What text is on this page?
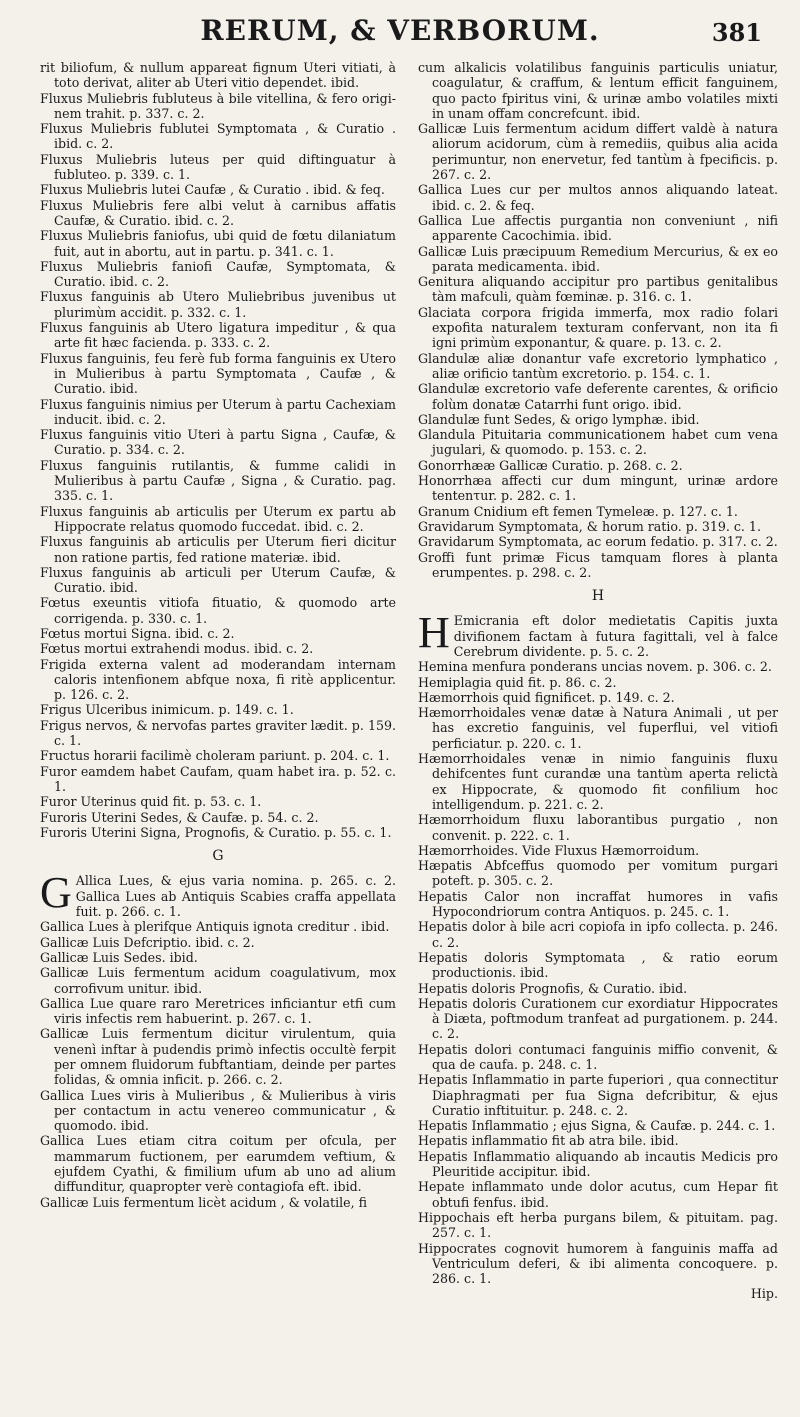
RERUM, & VERBORUM.	381

rit biliofum, & nullum appareat fignum Uteri vitiati, à toto derivat, aliter ab Uteri vitio dependet. ibid.

Fluxus Muliebris fubluteus à bile vitellina, & fero origi-nem trahit. p. 337. c. 2.

Fluxus Muliebris fublutei Symptomata , & Curatio . ibid. c. 2.

Fluxus Muliebris luteus per quid diftinguatur à fubluteo. p. 339. c. 1.

Fluxus Muliebris lutei Caufæ , & Curatio . ibid. & feq.

Fluxus Muliebris fere albi velut à carnibus affatis Caufæ, & Curatio. ibid. c. 2.

Fluxus Muliebris faniofus, ubi quid de fœtu dilaniatum fuit, aut in abortu, aut in partu. p. 341. c. 1.

Fluxus Muliebris faniofi Caufæ, Symptomata, & Curatio. ibid. c. 2.

Fluxus fanguinis ab Utero Muliebribus juvenibus ut plurimùm accidit. p. 332. c. 1.

Fluxus fanguinis ab Utero ligatura impeditur , & qua arte fit hæc facienda. p. 333. c. 2.

Fluxus fanguinis, feu ferè fub forma fanguinis ex Utero in Mulieribus à partu Symptomata , Caufæ , & Curatio. ibid.

Fluxus fanguinis nimius per Uterum à partu Cachexiam inducit. ibid. c. 2.

Fluxus fanguinis vitio Uteri à partu Signa , Caufæ, & Curatio. p. 334. c. 2.

Fluxus fanguinis rutilantis, & fumme calidi in Mulieribus à partu Caufæ , Signa , & Curatio. pag. 335. c. 1.

Fluxus fanguinis ab articulis per Uterum ex partu ab Hippocrate relatus quomodo fuccedat. ibid. c. 2.

Fluxus fanguinis ab articulis per Uterum fieri dicitur non ratione partis, fed ratione materiæ. ibid.

Fluxus fanguinis ab articuli per Uterum Caufæ, & Curatio. ibid.

Fœtus exeuntis vitiofa fituatio, & quomodo arte corrigenda. p. 330. c. 1.

Fœtus mortui Signa. ibid. c. 2.

Fœtus mortui extrahendi modus. ibid. c. 2.

Frigida externa valent ad moderandam internam caloris intenfionem abfque noxa, fi ritè applicentur. p. 126. c. 2.

Frigus Ulceribus inimicum. p. 149. c. 1.

Frigus nervos, & nervofas partes graviter lædit. p. 159. c. 1.

Fructus horarii facilimè choleram pariunt. p. 204. c. 1.

Furor eamdem habet Caufam, quam habet ira. p. 52. c. 1.

Furor Uterinus quid fit. p. 53. c. 1.

Furoris Uterini Sedes, & Caufæ. p. 54. c. 2.

Furoris Uterini Signa, Prognofis, & Curatio. p. 55. c. 1.

G

G Allica Lues, & ejus varia nomina. p. 265. c. 2. Gallica Lues ab Antiquis Scabies craffa appellata fuit. p. 266. c. 1.

Gallica Lues à plerifque Antiquis ignota creditur . ibid.

Gallicæ Luis Defcriptio. ibid. c. 2.

Gallicæ Luis Sedes. ibid.

Gallicæ Luis fermentum acidum coagulativum, mox corrofivum unitur. ibid.

Gallica Lue quare raro Meretrices inficiantur etfi cum viris infectis rem habuerint. p. 267. c. 1.

Gallicæ Luis fermentum dicitur virulentum, quia venenì inftar à pudendis primò infectis occultè ferpit per omnem fluidorum fubftantiam, deinde per partes folidas, & omnia inficit. p. 266. c. 2.

Gallica Lues viris à Mulieribus , & Mulieribus à viris per contactum in actu venereo communicatur , & quomodo. ibid.

Gallica Lues etiam citra coitum per ofcula, per mammarum fuctionem, per earumdem veftium, & ejufdem Cyathi, & fimilium ufum ab uno ad alium diffunditur, quapropter verè contagiofa eft. ibid.

Gallicæ Luis fermentum licèt acidum , & volatile, fi

cum alkalicis volatilibus fanguinis particulis uniatur, coagulatur, & craffum, & lentum efficit fanguinem, quo pacto fpiritus vini, & urinæ ambo volatiles mixti in unam offam concrefcunt. ibid.

Gallicæ Luis fermentum acidum differt valdè à natura aliorum acidorum, cùm à remediis, quibus alia acida perimuntur, non enervetur, fed tantùm à fpecificis. p. 267. c. 2.

Gallica Lues cur per multos annos aliquando lateat. ibid. c. 2. & feq.

Gallica Lue affectis purgantia non conveniunt , nifi apparente Cacochimia. ibid.

Gallicæ Luis præcipuum Remedium Mercurius, & ex eo parata medicamenta. ibid.

Genitura aliquando accipitur pro partibus genitalibus tàm mafculi, quàm fœminæ. p. 316. c. 1.

Glaciata corpora frigida immerfa, mox radio folari expofita naturalem texturam confervant, non ita fi igni primùm exponantur, & quare. p. 13. c. 2.

Glandulæ aliæ donantur vafe excretorio lymphatico , aliæ orificio tantùm excretorio. p. 154. c. 1.

Glandulæ excretorio vafe deferente carentes, & orificio folùm donatæ Catarrhi funt origo. ibid.

Glandulæ funt Sedes, & origo lymphæ. ibid.

Glandula Pituitaria communicationem habet cum vena jugulari, & quomodo. p. 153. c. 2.

Gonorrhææ Gallicæ Curatio. p. 268. c. 2.

Honorrhæa affecti cur dum mingunt, urinæ ardore tentenτur. p. 282. c. 1.

Granum Cnidium eft femen Tymeleæ. p. 127. c. 1.

Gravidarum Symptomata, & horum ratio. p. 319. c. 1.

Gravidarum Symptomata, ac eorum fedatio. p. 317. c. 2.

Groffi funt primæ Ficus tamquam flores à planta erumpentes. p. 298. c. 2.

H

H Emicrania eft dolor medietatis Capitis juxta divifionem factam à futura fagittali, vel à falce Cerebrum dividente. p. 5. c. 2.

Hemina menfura ponderans uncias novem. p. 306. c. 2.

Hemiplagia quid fit. p. 86. c. 2.

Hæmorrhois quid fignificet. p. 149. c. 2.

Hæmorrhoidales venæ datæ à Natura Animali , ut per has excretio fanguinis, vel fuperflui, vel vitiofi perficiatur. p. 220. c. 1.

Hæmorrhoidales venæ in nimio fanguinis fluxu dehifcentes funt curandæ una tantùm aperta relictà ex Hippocrate, & quomodo fit confilium hoc intelligendum. p. 221. c. 2.

Hæmorrhoidum fluxu laborantibus purgatio , non convenit. p. 222. c. 1.

Hæmorrhoides. Vide Fluxus Hæmorroidum.

Hæpatis Abfceffus quomodo per vomitum purgari poteft. p. 305. c. 2.

Hepatis Calor non incraffat humores in vafis Hypocondriorum contra Antiquos. p. 245. c. 1.

Hepatis dolor à bile acri copiofa in ipfo collecta. p. 246. c. 2.

Hepatis doloris Symptomata , & ratio eorum productionis. ibid.

Hepatis doloris Prognofis, & Curatio. ibid.

Hepatis doloris Curationem cur exordiatur Hippocrates à Diæta, poftmodum tranfeat ad purgationem. p. 244. c. 2.

Hepatis dolori contumaci fanguinis miffio convenit, & qua de caufa. p. 248. c. 1.

Hepatis Inflammatio in parte fuperiori , qua connectitur Diaphragmati per fua Signa defcribitur, & ejus Curatio inftituitur. p. 248. c. 2.

Hepatis Inflammatio ; ejus Signa, & Caufæ. p. 244. c. 1.

Hepatis inflammatio fit ab atra bile. ibid.

Hepatis Inflammatio aliquando ab incautis Medicis pro Pleuritide accipitur. ibid.

Hepate inflammato unde dolor acutus, cum Hepar fit obtufi fenfus. ibid.

Hippochais eft herba purgans bilem, & pituitam. pag. 257. c. 1.

Hippocrates cognovit humorem à fanguinis maffa ad Ventriculum deferi, & ibi alimenta concoquere. p. 286. c. 1.

Hip.
